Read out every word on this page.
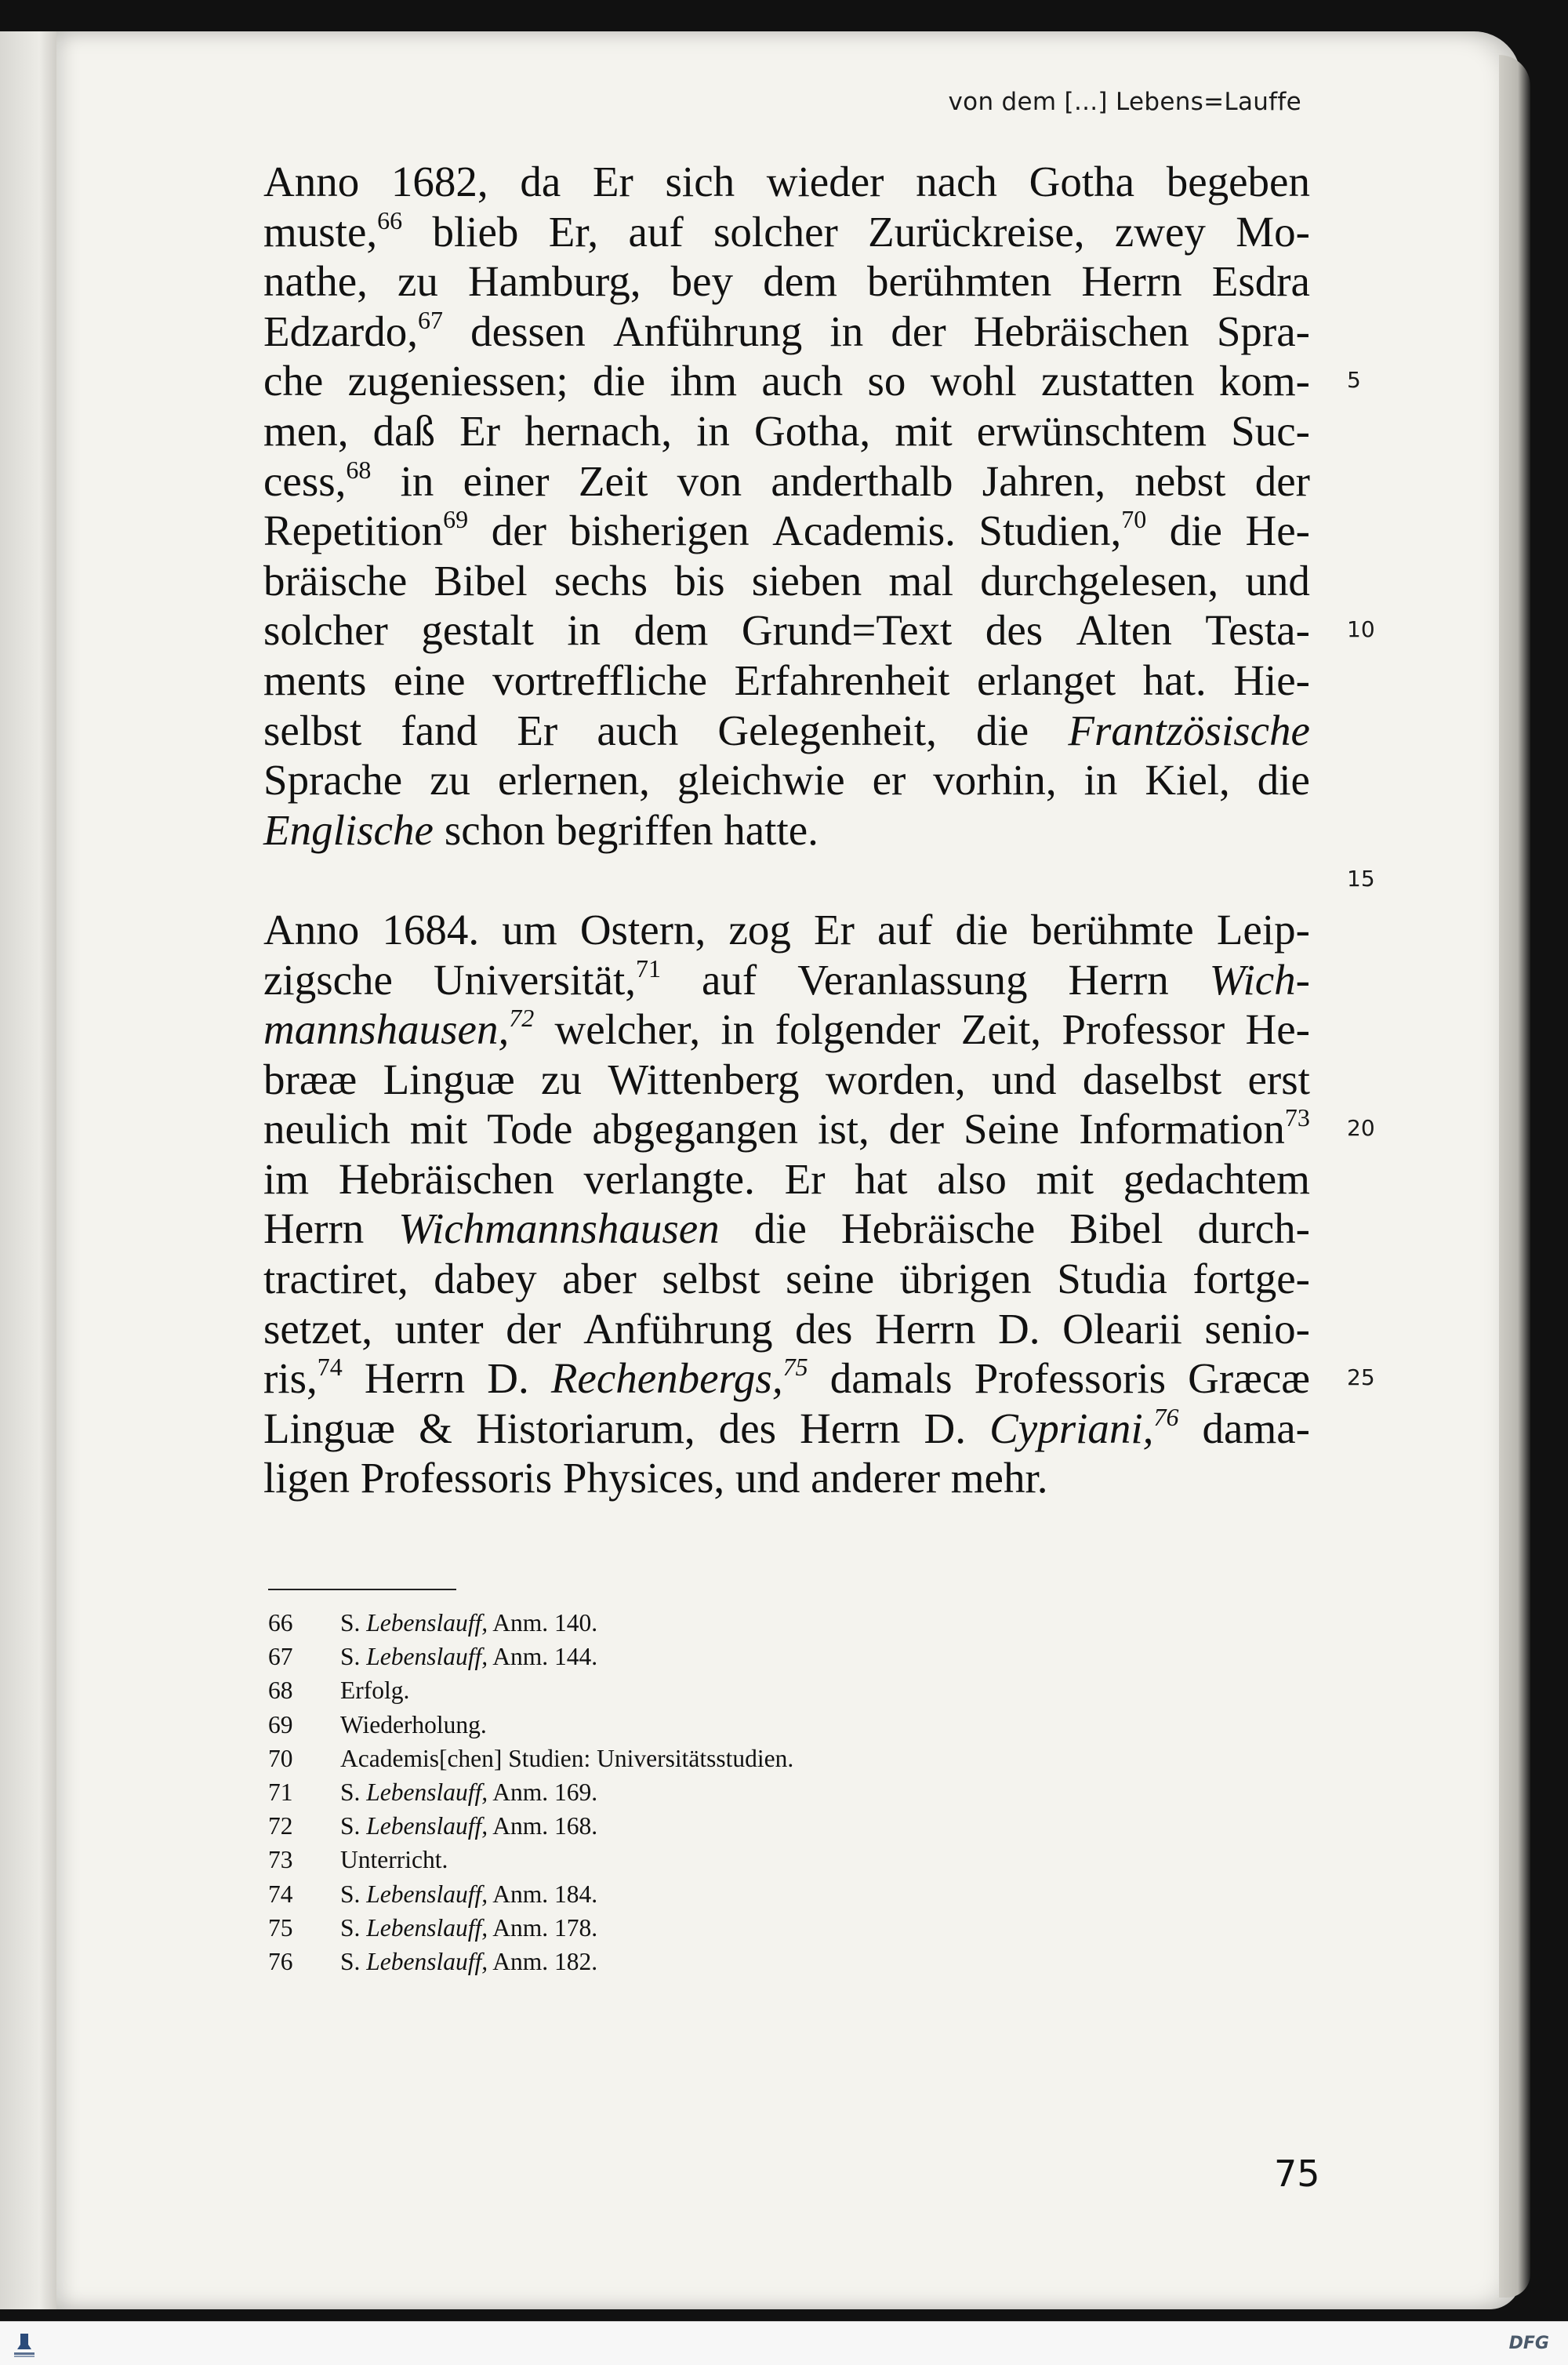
von dem [...] Lebens=Lauffe
Anno 1682, da Er sich wieder nach Gotha begeben
muste,$^{66}$ blieb Er, auf solcher Zurückreise, zwey Mo-
nathe, zu Hamburg, bey dem berühmten Herrn Esdra
Edzardo,$^{67}$ dessen Anführung in der Hebräischen Spra-
che zugeniessen; die ihm auch so wohl zustatten kom-
men, daß Er hernach, in Gotha, mit erwünschtem Suc-
cess,$^{68}$ in einer Zeit von anderthalb Jahren, nebst der
Repetition$^{69}$ der bisherigen Academis. Studien,$^{70}$ die He-
bräische Bibel sechs bis sieben mal durchgelesen, und
solcher gestalt in dem Grund=Text des Alten Testa-
ments eine vortreffliche Erfahrenheit erlanget hat. Hie-
selbst fand Er auch Gelegenheit, die Frantzösische
Sprache zu erlernen, gleichwie er vorhin, in Kiel, die
Englische schon begriffen hatte.
Anno 1684. um Ostern, zog Er auf die berühmte Leip-
zigsche Universität,$^{71}$ auf Veranlassung Herrn Wich-
mannshausen,$^{72}$ welcher, in folgender Zeit, Professor He-
brææ Linguæ zu Wittenberg worden, und daselbst erst
neulich mit Tode abgegangen ist, der Seine Information$^{73}$
im Hebräischen verlangte. Er hat also mit gedachtem
Herrn Wichmannshausen die Hebräische Bibel durch-
tractiret, dabey aber selbst seine übrigen Studia fortge-
setzet, unter der Anführung des Herrn D. Olearii senio-
ris,$^{74}$ Herrn D. Rechenbergs,$^{75}$ damals Professoris Græcæ
Linguæ & Historiarum, des Herrn D. Cypriani,$^{76}$ dama-
ligen Professoris Physices, und anderer mehr.
5
10
15
20
25
66	S. Lebenslauff, Anm. 140.
67	S. Lebenslauff, Anm. 144.
68	Erfolg.
69	Wiederholung.
70	Academis[chen] Studien: Universitätsstudien.
71	S. Lebenslauff, Anm. 169.
72	S. Lebenslauff, Anm. 168.
73	Unterricht.
74	S. Lebenslauff, Anm. 184.
75	S. Lebenslauff, Anm. 178.
76	S. Lebenslauff, Anm. 182.
75
DFG
